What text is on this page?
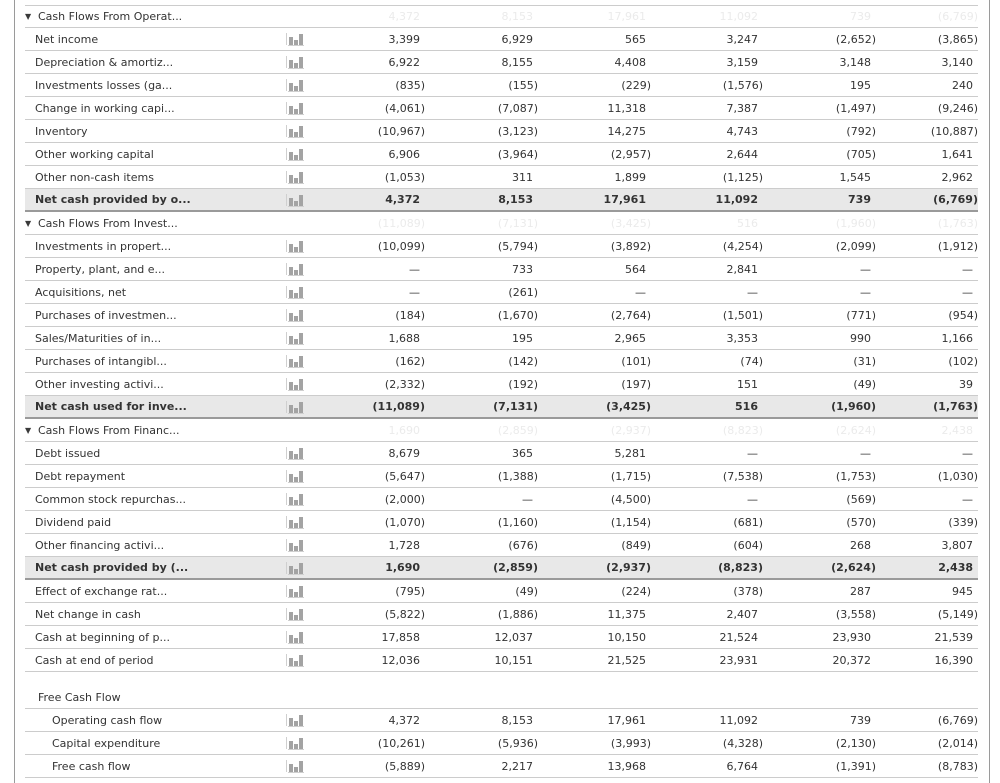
▼ Cash Flows From Operat...	4,372	8,153	17,961	11,092	739	(6,769)
Net income	3,399	6,929	565	3,247	(2,652)	(3,865)
Depreciation & amortiz...	6,922	8,155	4,408	3,159	3,148	3,140
Investments losses (ga...	(835)	(155)	(229)	(1,576)	195	240
Change in working capi...	(4,061)	(7,087)	11,318	7,387	(1,497)	(9,246)
Inventory	(10,967)	(3,123)	14,275	4,743	(792)	(10,887)
Other working capital	6,906	(3,964)	(2,957)	2,644	(705)	1,641
Other non-cash items	(1,053)	311	1,899	(1,125)	1,545	2,962
Net cash provided by o...	4,372	8,153	17,961	11,092	739	(6,769)
▼ Cash Flows From Invest...	(11,089)	(7,131)	(3,425)	516	(1,960)	(1,763)
Investments in propert...	(10,099)	(5,794)	(3,892)	(4,254)	(2,099)	(1,912)
Property, plant, and e...	—	733	564	2,841	—	—
Acquisitions, net	—	(261)	—	—	—	—
Purchases of investmen...	(184)	(1,670)	(2,764)	(1,501)	(771)	(954)
Sales/Maturities of in...	1,688	195	2,965	3,353	990	1,166
Purchases of intangibl...	(162)	(142)	(101)	(74)	(31)	(102)
Other investing activi...	(2,332)	(192)	(197)	151	(49)	39
Net cash used for inve...	(11,089)	(7,131)	(3,425)	516	(1,960)	(1,763)
▼ Cash Flows From Financ...	1,690	(2,859)	(2,937)	(8,823)	(2,624)	2,438
Debt issued	8,679	365	5,281	—	—	—
Debt repayment	(5,647)	(1,388)	(1,715)	(7,538)	(1,753)	(1,030)
Common stock repurchas...	(2,000)	—	(4,500)	—	(569)	—
Dividend paid	(1,070)	(1,160)	(1,154)	(681)	(570)	(339)
Other financing activi...	1,728	(676)	(849)	(604)	268	3,807
Net cash provided by (...	1,690	(2,859)	(2,937)	(8,823)	(2,624)	2,438
Effect of exchange rat...	(795)	(49)	(224)	(378)	287	945
Net change in cash	(5,822)	(1,886)	11,375	2,407	(3,558)	(5,149)
Cash at beginning of p...	17,858	12,037	10,150	21,524	23,930	21,539
Cash at end of period	12,036	10,151	21,525	23,931	20,372	16,390
Free Cash Flow
Operating cash flow	4,372	8,153	17,961	11,092	739	(6,769)
Capital expenditure	(10,261)	(5,936)	(3,993)	(4,328)	(2,130)	(2,014)
Free cash flow	(5,889)	2,217	13,968	6,764	(1,391)	(8,783)
